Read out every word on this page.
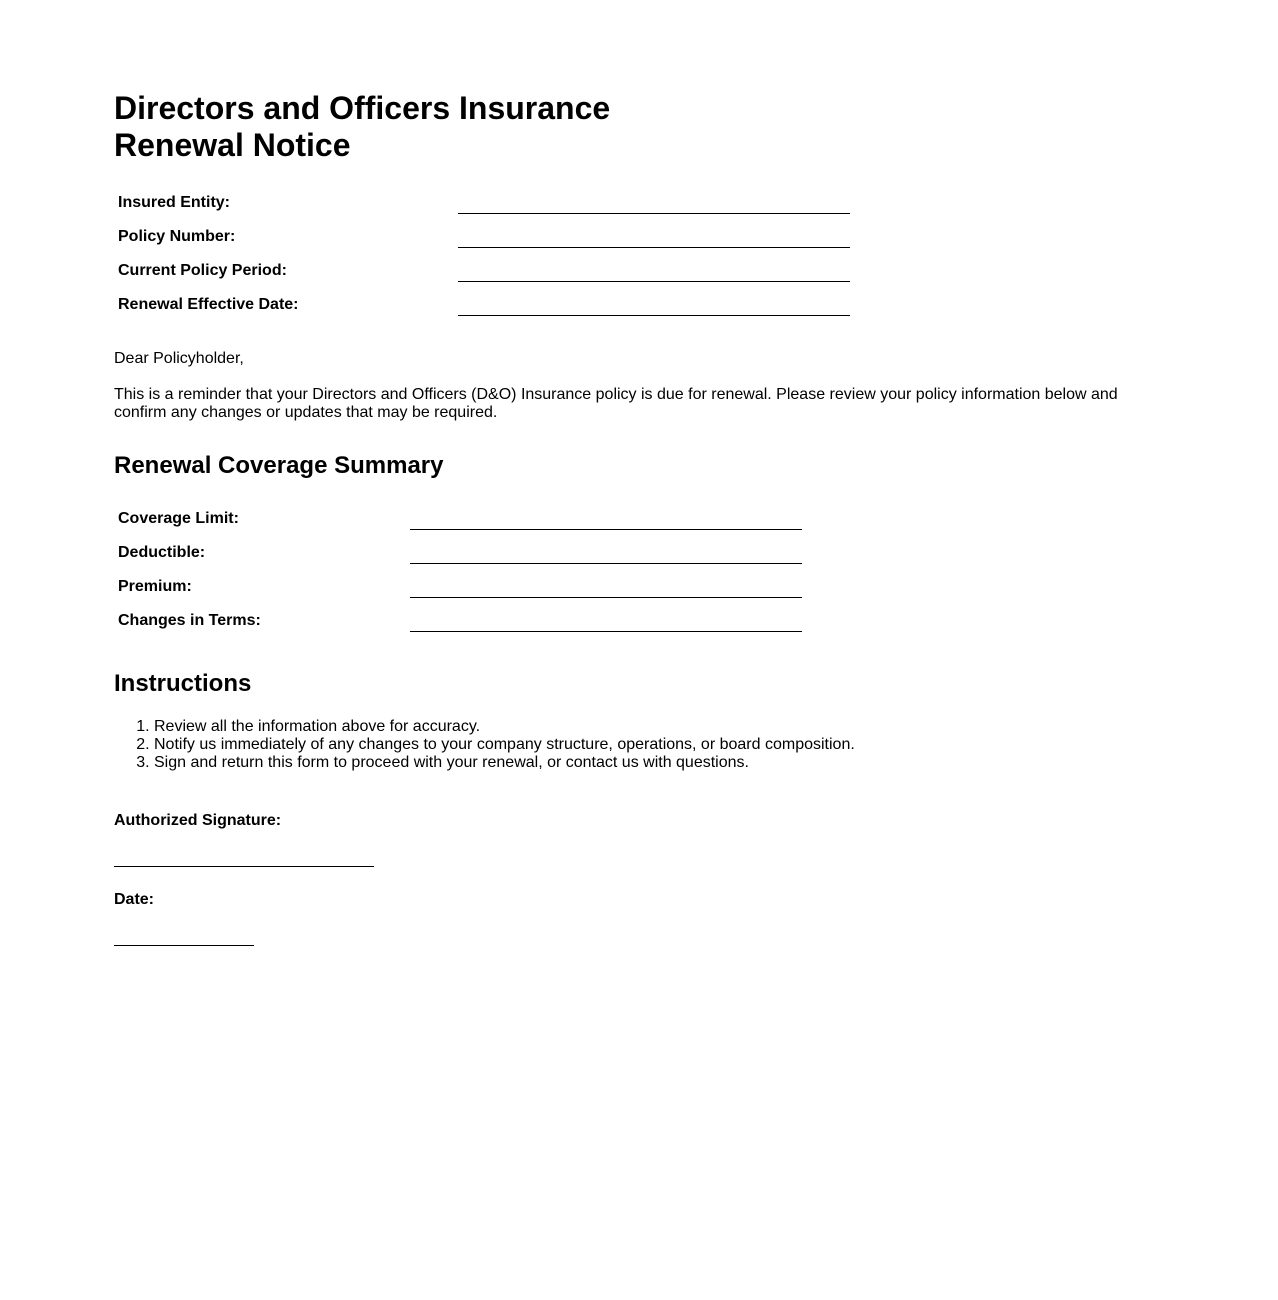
Directors and Officers Insurance Renewal Notice
Insured Entity:	
Policy Number:	
Current Policy Period:	
Renewal Effective Date:	

Dear Policyholder,

This is a reminder that your Directors and Officers (D&O) Insurance policy is due for renewal. Please review your policy information below and confirm any changes or updates that may be required.

Renewal Coverage Summary
Coverage Limit:	
Deductible:	
Premium:	
Changes in Terms:	
Instructions
1. Review all the information above for accuracy.
2. Notify us immediately of any changes to your company structure, operations, or board composition.
3. Sign and return this form to proceed with your renewal, or contact us with questions.
Authorized Signature:
Date:
